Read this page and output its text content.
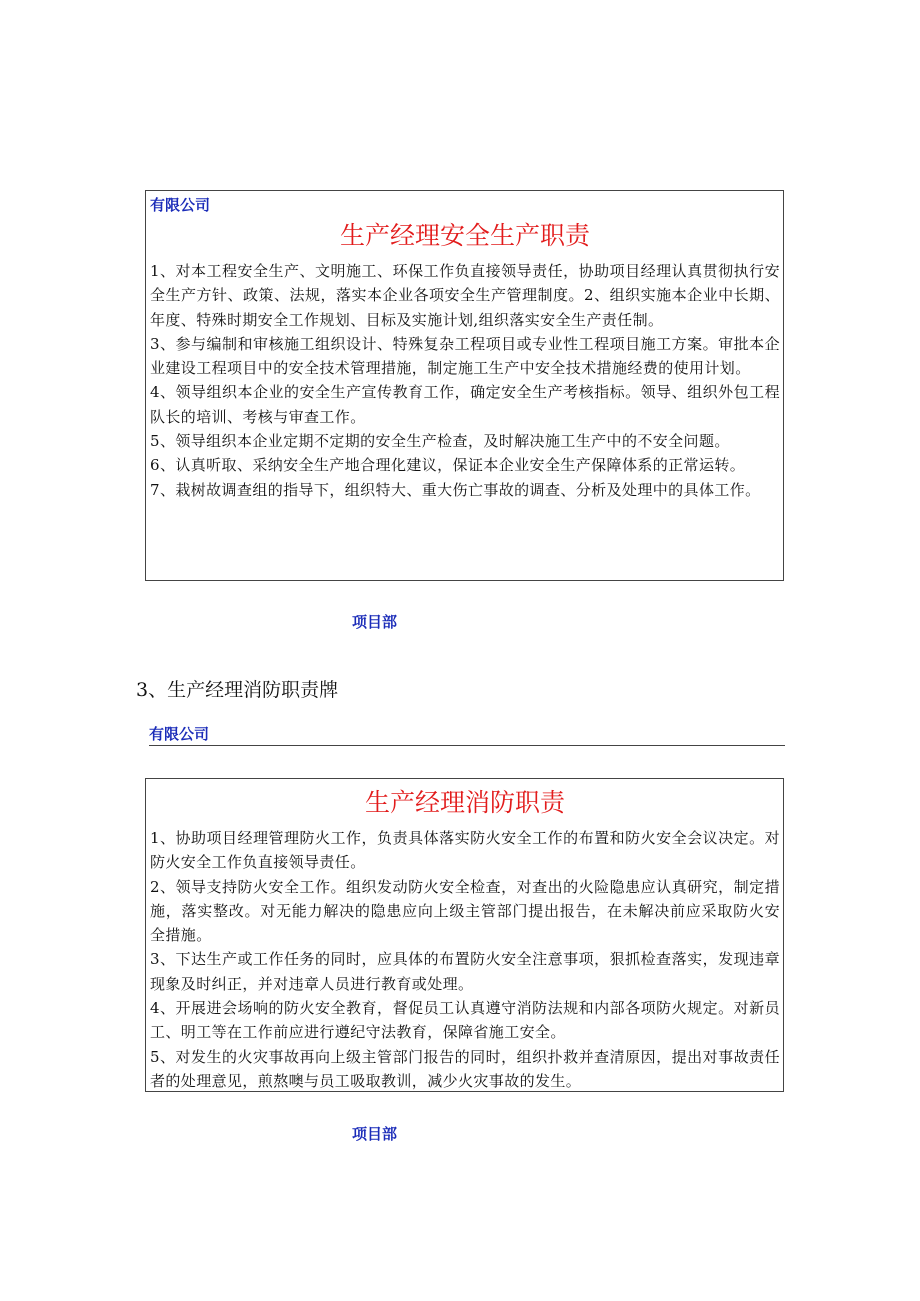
有限公司
生产经理安全生产职责

1、对本工程安全生产、文明施工、环保工作负直接领导责任，协助项目经理认真贯彻执行安全生产方针、政策、法规，落实本企业各项安全生产管理制度。2、组织实施本企业中长期、年度、特殊时期安全工作规划、目标及实施计划,组织落实安全生产责任制。

3、参与编制和审核施工组织设计、特殊复杂工程项目或专业性工程项目施工方案。审批本企业建设工程项目中的安全技术管理措施，制定施工生产中安全技术措施经费的使用计划。

4、领导组织本企业的安全生产宣传教育工作，确定安全生产考核指标。领导、组织外包工程队长的培训、考核与审查工作。

5、领导组织本企业定期不定期的安全生产检查，及时解决施工生产中的不安全问题。

6、认真听取、采纳安全生产地合理化建议，保证本企业安全生产保障体系的正常运转。

7、栽树故调查组的指导下，组织特大、重大伤亡事故的调查、分析及处理中的具体工作。

项目部
3、生产经理消防职责牌
有限公司
生产经理消防职责

1、协助项目经理管理防火工作，负责具体落实防火安全工作的布置和防火安全会议决定。对防火安全工作负直接领导责任。

2、领导支持防火安全工作。组织发动防火安全检查，对查出的火险隐患应认真研究，制定措施，落实整改。对无能力解决的隐患应向上级主管部门提出报告，在未解决前应采取防火安全措施。

3、下达生产或工作任务的同时，应具体的布置防火安全注意事项，狠抓检查落实，发现违章现象及时纠正，并对违章人员进行教育或处理。

4、开展进会场响的防火安全教育，督促员工认真遵守消防法规和内部各项防火规定。对新员工、明工等在工作前应进行遵纪守法教育，保障省施工安全。

5、对发生的火灾事故再向上级主管部门报告的同时，组织扑救并查清原因，提出对事故责任者的处理意见，煎熬噢与员工吸取教训，减少火灾事故的发生。

项目部
